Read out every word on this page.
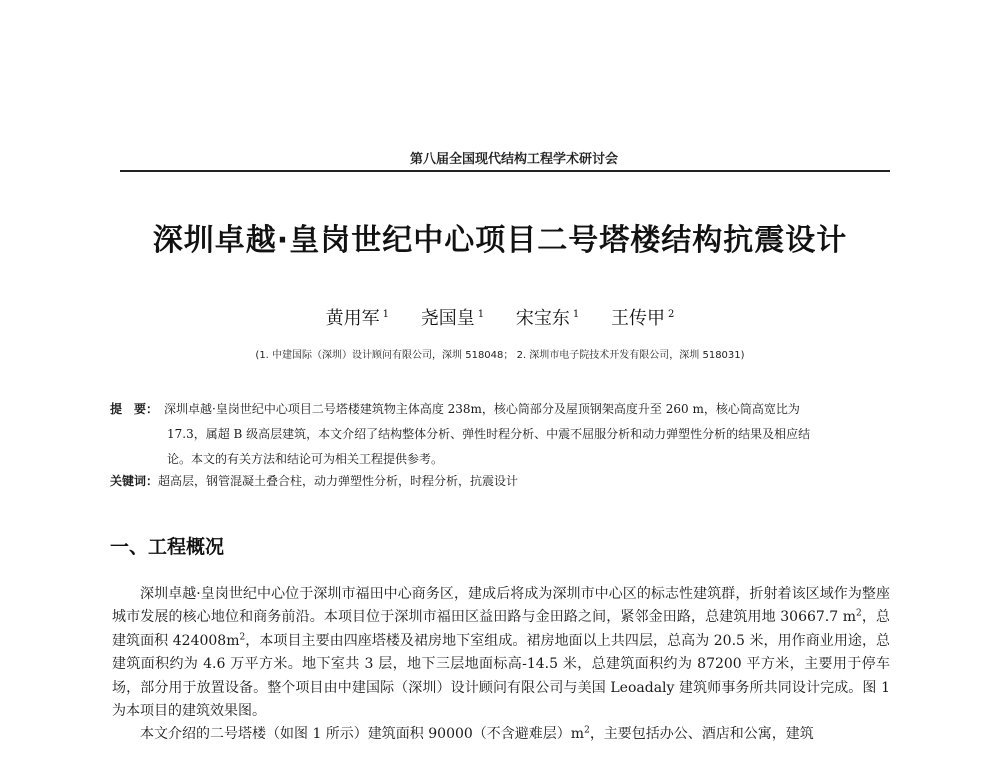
第八届全国现代结构工程学术研讨会
深圳卓越·皇岗世纪中心项目二号塔楼结构抗震设计
黄用军 $^1$ 尧国皇 $^1$ 宋宝东 $^1$ 王传甲 $^2$
(1. 中建国际（深圳）设计顾问有限公司，深圳 518048； 2. 深圳市电子院技术开发有限公司，深圳 518031)
提　要： 深圳卓越·皇岗世纪中心项目二号塔楼建筑物主体高度 238m，核心筒部分及屋顶钢架高度升至 260 m，核心筒高宽比为
17.3，属超 B 级高层建筑，本文介绍了结构整体分析、弹性时程分析、中震不屈服分析和动力弹塑性分析的结果及相应结
论。本文的有关方法和结论可为相关工程提供参考。
关键词：超高层，钢管混凝土叠合柱，动力弹塑性分析，时程分析，抗震设计
一、工程概况

深圳卓越·皇岗世纪中心位于深圳市福田中心商务区，建成后将成为深圳市中心区的标志性建筑群，折射着该区域作为整座城市发展的核心地位和商务前沿。本项目位于深圳市福田区益田路与金田路之间，紧邻金田路，总建筑用地 30667.7 $m^2$，总建筑面积 $424008m^2$，本项目主要由四座塔楼及裙房地下室组成。裙房地面以上共四层，总高为 20.5 米，用作商业用途，总建筑面积约为 4.6 万平方米。地下室共 3 层，地下三层地面标高-14.5 米，总建筑面积约为 87200 平方米，主要用于停车场，部分用于放置设备。整个项目由中建国际（深圳）设计顾问有限公司与美国 Leoadaly 建筑师事务所共同设计完成。图 1 为本项目的建筑效果图。

本文介绍的二号塔楼（如图 1 所示）建筑面积 90000（不含避难层）$m^2$，主要包括办公、酒店和公寓，建筑
